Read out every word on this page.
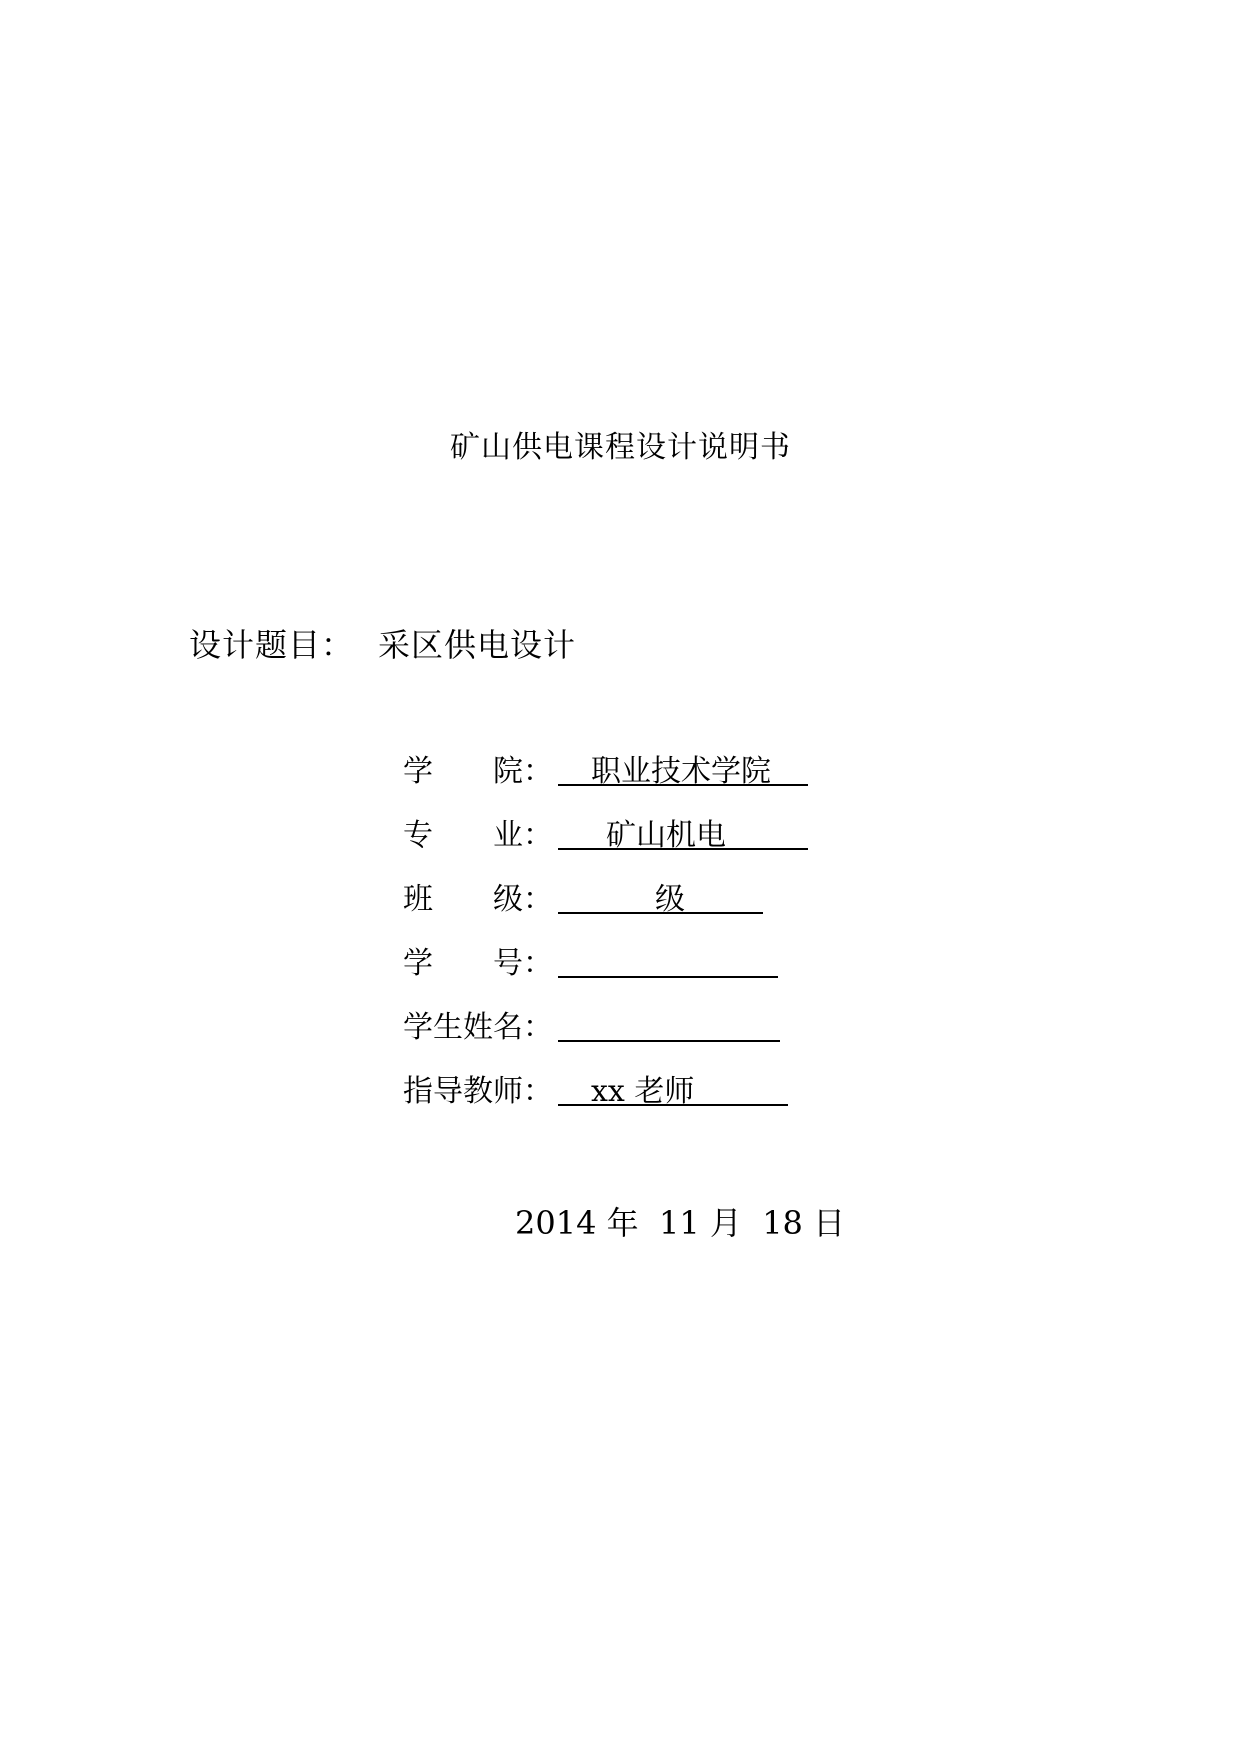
矿山供电课程设计说明书
设计题目： 采区供电设计
学　　院： 职业技术学院
专　　业： 矿山机电
班　　级：	级
学　　号：
学生姓名：
指导教师： xx 老师
2014 年  11 月  18 日
